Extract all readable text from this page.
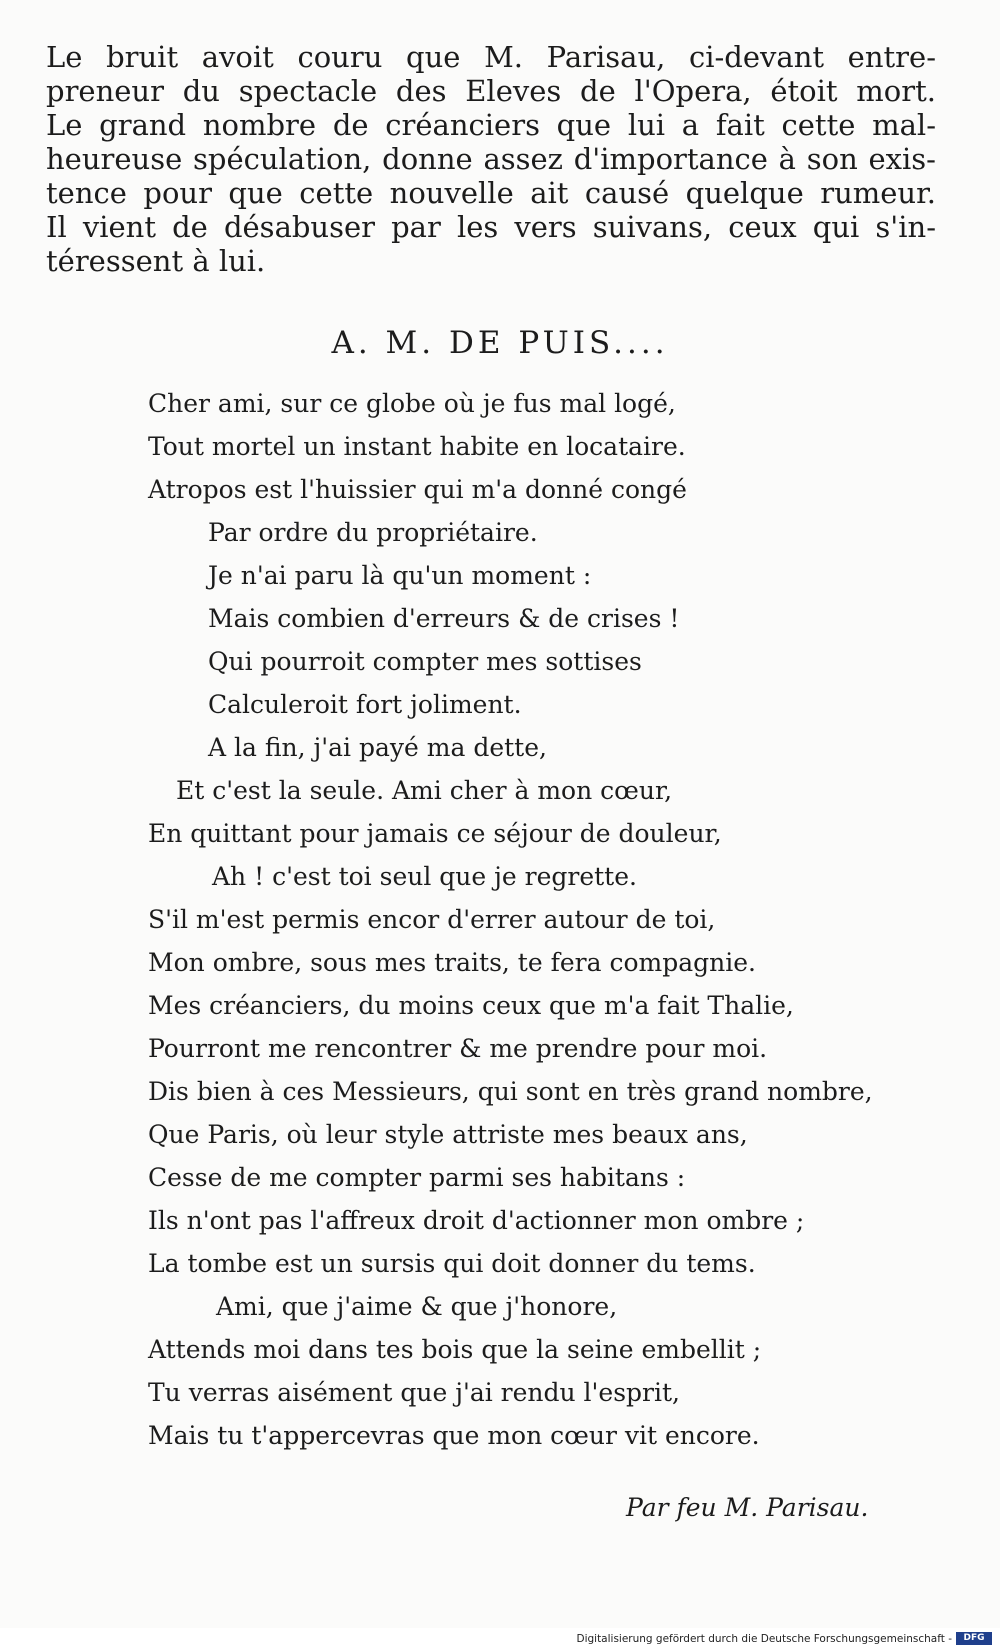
Le bruit avoit couru que M. Parisau, ci-devant entre-
preneur du spectacle des Eleves de l'Opera, étoit mort.
Le grand nombre de créanciers que lui a fait cette mal-
heureuse spéculation, donne assez d'importance à son exis-
tence pour que cette nouvelle ait causé quelque rumeur.
Il vient de désabuser par les vers suivans, ceux qui s'in-
téressent à lui.
A. M. DE PUIS....
Cher ami, sur ce globe où je fus mal logé,
Tout mortel un instant habite en locataire.
Atropos est l'huissier qui m'a donné congé
Par ordre du propriétaire.
Je n'ai paru là qu'un moment :
Mais combien d'erreurs & de crises !
Qui pourroit compter mes sottises
Calculeroit fort joliment.
A la fin, j'ai payé ma dette,
Et c'est la seule. Ami cher à mon cœur,
En quittant pour jamais ce séjour de douleur,
Ah ! c'est toi seul que je regrette.
S'il m'est permis encor d'errer autour de toi,
Mon ombre, sous mes traits, te fera compagnie.
Mes créanciers, du moins ceux que m'a fait Thalie,
Pourront me rencontrer & me prendre pour moi.
Dis bien à ces Messieurs, qui sont en très grand nombre,
Que Paris, où leur style attriste mes beaux ans,
Cesse de me compter parmi ses habitans :
Ils n'ont pas l'affreux droit d'actionner mon ombre ;
La tombe est un sursis qui doit donner du tems.
Ami, que j'aime & que j'honore,
Attends moi dans tes bois que la seine embellit ;
Tu verras aisément que j'ai rendu l'esprit,
Mais tu t'appercevras que mon cœur vit encore.
Par feu M. Parisau.
Digitalisierung gefördert durch die Deutsche Forschungsgemeinschaft -	DFG
